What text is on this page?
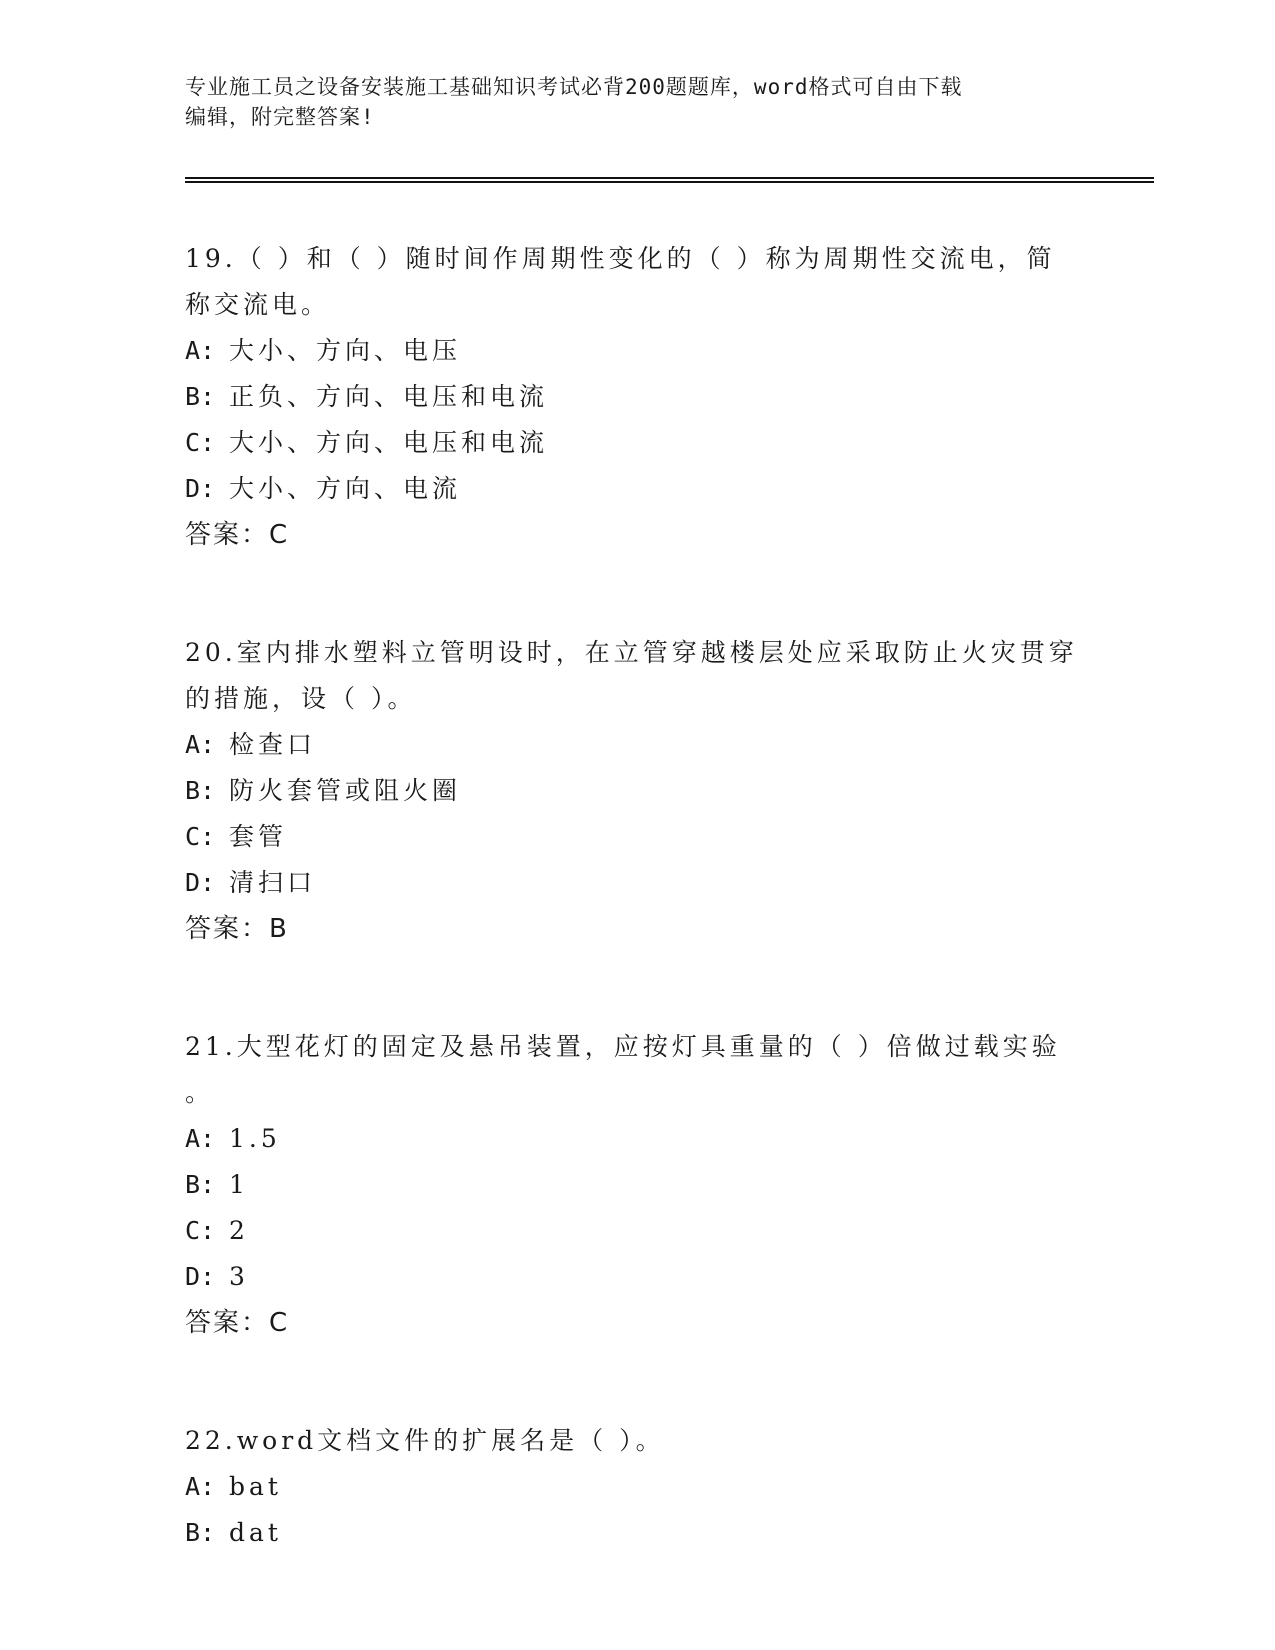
专业施工员之设备安装施工基础知识考试必背200题题库，word格式可自由下载
编辑，附完整答案!
19.（ ）和（ ）随时间作周期性变化的（ ）称为周期性交流电，简
称交流电。
A: 大小、方向、电压
B: 正负、方向、电压和电流
C: 大小、方向、电压和电流
D: 大小、方向、电流
答案：C
20.室内排水塑料立管明设时，在立管穿越楼层处应采取防止火灾贯穿
的措施，设（ ）。
A: 检查口
B: 防火套管或阻火圈
C: 套管
D: 清扫口
答案：B
21.大型花灯的固定及悬吊装置，应按灯具重量的（ ）倍做过载实验
。
A: 1.5
B: 1
C: 2
D: 3
答案：C
22.word文档文件的扩展名是（ ）。
A: bat
B: dat
